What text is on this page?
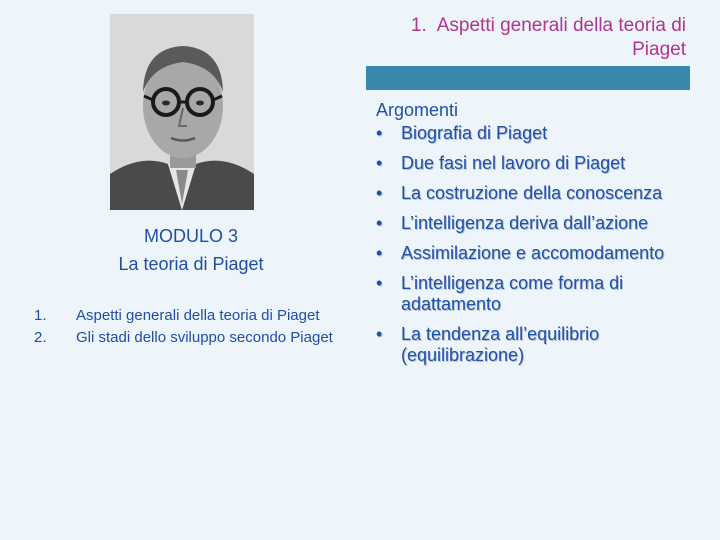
MODULO 3
La teoria di Piaget
1. Aspetti generali della teoria di Piaget
2. Gli stadi dello sviluppo secondo Piaget
1. Aspetti generali della teoria di Piaget
Argomenti
• Biografia di Piaget
• Due fasi nel lavoro di Piaget
• La costruzione della conoscenza
• L’intelligenza deriva dall’azione
• Assimilazione e accomodamento
• L’intelligenza come forma di adattamento
• La tendenza all’equilibrio (equilibrazione)
